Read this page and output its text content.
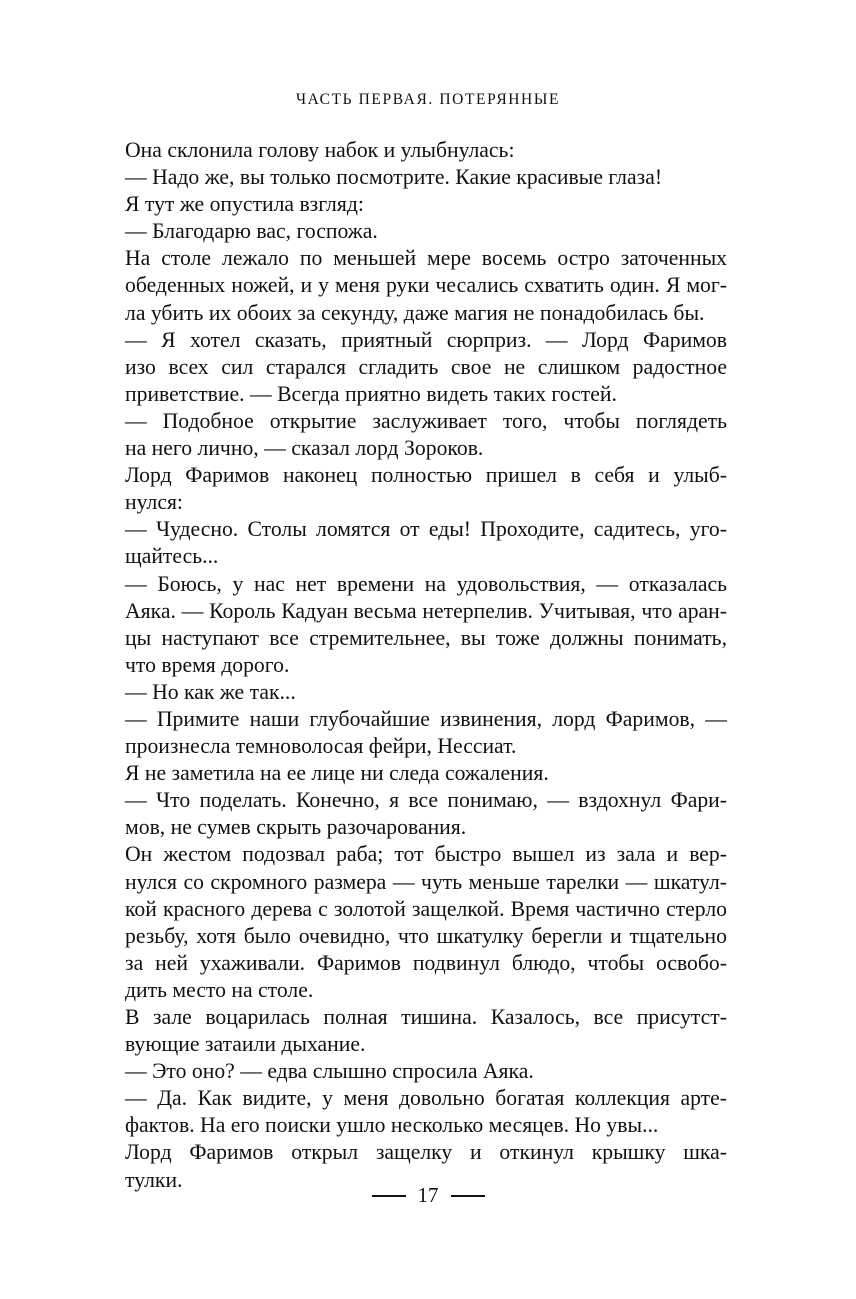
ЧАСТЬ ПЕРВАЯ. ПОТЕРЯННЫЕ

Она склонила голову набок и улыбнулась:

— Надо же, вы только посмотрите. Какие красивые глаза!

Я тут же опустила взгляд:

— Благодарю вас, госпожа.

На столе лежало по меньшей мере восемь остро заточенных
обеденных ножей, и у меня руки чесались схватить один. Я мог-
ла убить их обоих за секунду, даже магия не понадобилась бы.

— Я хотел сказать, приятный сюрприз. — Лорд Фаримов
изо всех сил старался сгладить свое не слишком радостное
приветствие. — Всегда приятно видеть таких гостей.

— Подобное открытие заслуживает того, чтобы поглядеть
на него лично, — сказал лорд Зороков.

Лорд Фаримов наконец полностью пришел в себя и улыб-
нулся:

— Чудесно. Столы ломятся от еды! Проходите, садитесь, уго-
щайтесь...

— Боюсь, у нас нет времени на удовольствия, — отказалась
Аяка. — Король Кадуан весьма нетерпелив. Учитывая, что аран-
цы наступают все стремительнее, вы тоже должны понимать,
что время дорого.

— Но как же так...

— Примите наши глубочайшие извинения, лорд Фаримов, —
произнесла темноволосая фейри, Нессиат.

Я не заметила на ее лице ни следа сожаления.

— Что поделать. Конечно, я все понимаю, — вздохнул Фари-
мов, не сумев скрыть разочарования.

Он жестом подозвал раба; тот быстро вышел из зала и вер-
нулся со скромного размера — чуть меньше тарелки — шкатул-
кой красного дерева с золотой защелкой. Время частично стерло
резьбу, хотя было очевидно, что шкатулку берегли и тщательно
за ней ухаживали. Фаримов подвинул блюдо, чтобы освобо-
дить место на столе.

В зале воцарилась полная тишина. Казалось, все присутст-
вующие затаили дыхание.

— Это оно? — едва слышно спросила Аяка.

— Да. Как видите, у меня довольно богатая коллекция арте-
фактов. На его поиски ушло несколько месяцев. Но увы...

Лорд Фаримов открыл защелку и откинул крышку шка-
тулки.

17
